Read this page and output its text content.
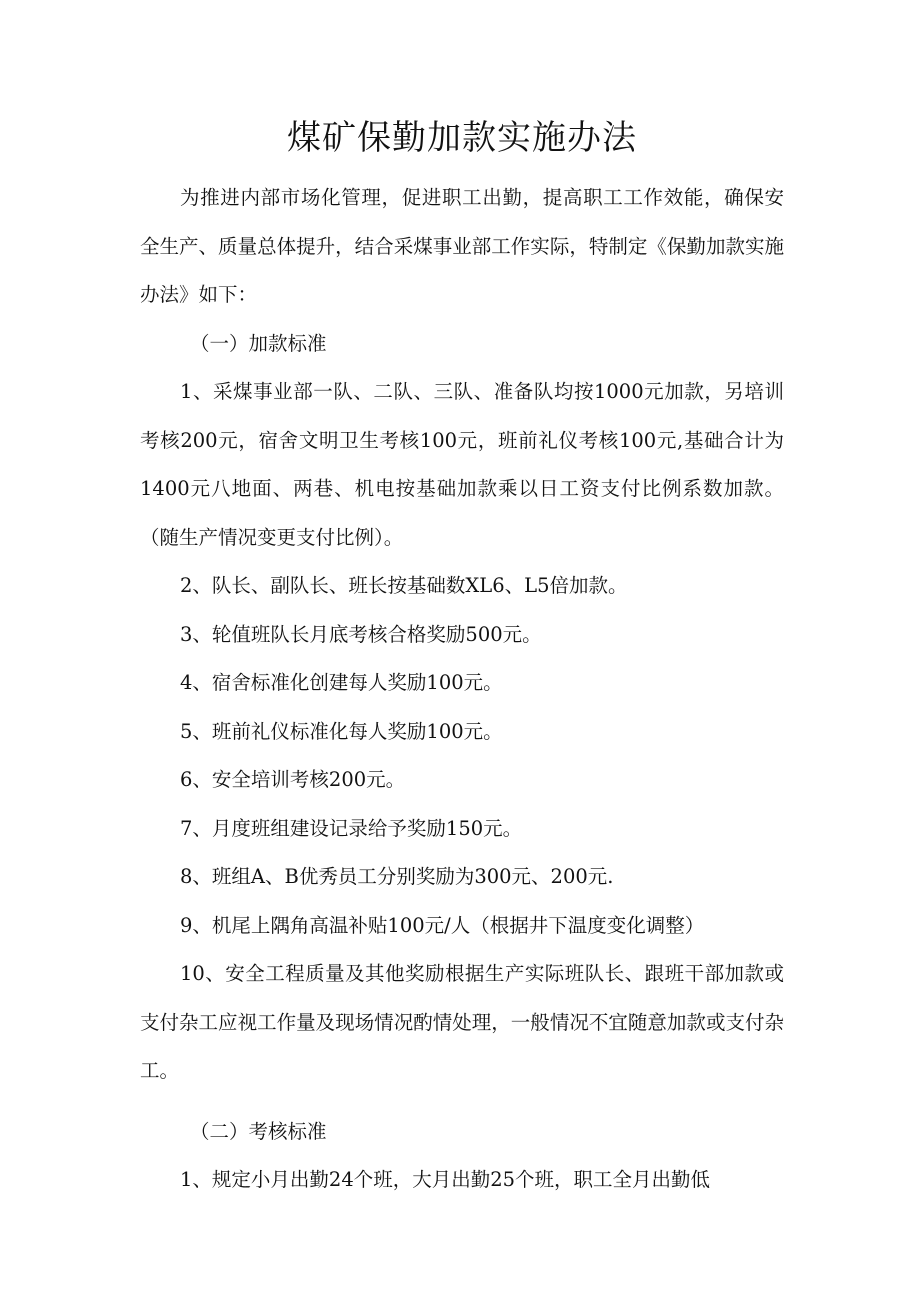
煤矿保勤加款实施办法

为推进内部市场化管理，促进职工出勤，提高职工工作效能，确保安全生产、质量总体提升，结合采煤事业部工作实际，特制定《保勤加款实施办法》如下：

（一）加款标准

1、采煤事业部一队、二队、三队、准备队均按1000元加款，另培训考核200元，宿舍文明卫生考核100元，班前礼仪考核100元,基础合计为1400元八地面、两巷、机电按基础加款乘以日工资支付比例系数加款。（随生产情况变更支付比例）。

2、队长、副队长、班长按基础数XL6、L5倍加款。

3、轮值班队长月底考核合格奖励500元。

4、宿舍标准化创建每人奖励100元。

5、班前礼仪标准化每人奖励100元。

6、安全培训考核200元。

7、月度班组建设记录给予奖励150元。

8、班组A、B优秀员工分别奖励为300元、200元.

9、机尾上隅角高温补贴100元/人（根据井下温度变化调整）

10、安全工程质量及其他奖励根据生产实际班队长、跟班干部加款或支付杂工应视工作量及现场情况酌情处理，一般情况不宜随意加款或支付杂工。

（二）考核标准

1、规定小月出勤24个班，大月出勤25个班，职工全月出勤低
